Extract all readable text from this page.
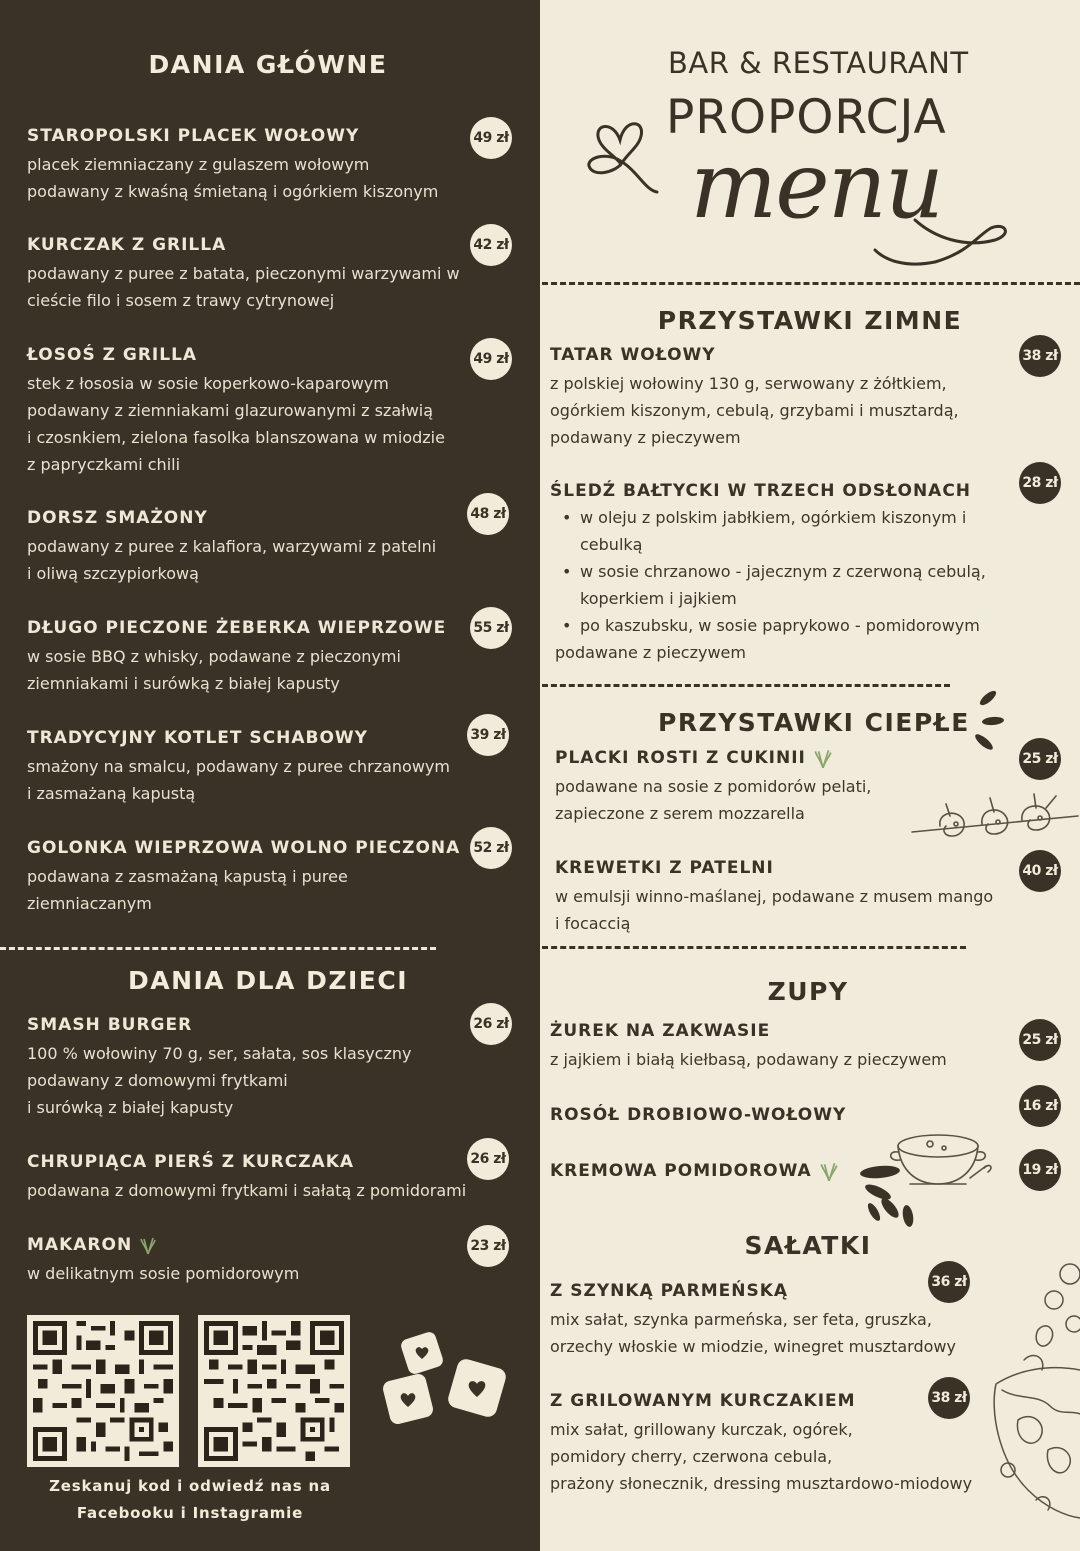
DANIA GŁÓWNE
STAROPOLSKI PLACEK WOŁOWY
placek ziemniaczany z gulaszem wołowym
podawany z kwaśną śmietaną i ogórkiem kiszonym
49 zł
KURCZAK Z GRILLA
podawany z puree z batata, pieczonymi warzywami w
cieście filo i sosem z trawy cytrynowej
42 zł
ŁOSOŚ Z GRILLA
stek z łososia w sosie koperkowo-kaparowym
podawany z ziemniakami glazurowanymi z szałwią
i czosnkiem, zielona fasolka blanszowana w miodzie
z papryczkami chili
49 zł
DORSZ SMAŻONY
podawany z puree z kalafiora, warzywami z patelni
i oliwą szczypiorkową
48 zł
DŁUGO PIECZONE ŻEBERKA WIEPRZOWE
w sosie BBQ z whisky, podawane z pieczonymi
ziemniakami i surówką z białej kapusty
55 zł
TRADYCYJNY KOTLET SCHABOWY
smażony na smalcu, podawany z puree chrzanowym
i zasmażaną kapustą
39 zł
GOLONKA WIEPRZOWA WOLNO PIECZONA
podawana z zasmażaną kapustą i puree
ziemniaczanym
52 zł
DANIA DLA DZIECI
SMASH BURGER
100 % wołowiny 70 g, ser, sałata, sos klasyczny
podawany z domowymi frytkami
i surówką z białej kapusty
26 zł
CHRUPIĄCA PIERŚ Z KURCZAKA
podawana z domowymi frytkami i sałatą z pomidorami
26 zł
MAKARON
w delikatnym sosie pomidorowym
23 zł
Zeskanuj kod i odwiedź nas na
Facebooku i Instagramie
BAR & RESTAURANT
PROPORCJA
menu
PRZYSTAWKI ZIMNE
TATAR WOŁOWY
z polskiej wołowiny 130 g, serwowany z żółtkiem,
ogórkiem kiszonym, cebulą, grzybami i musztardą,
podawany z pieczywem
38 zł
ŚLEDŹ BAŁTYCKI W TRZECH ODSŁONACH
• w oleju z polskim jabłkiem, ogórkiem kiszonym i
cebulką
• w sosie chrzanowo - jajecznym z czerwoną cebulą,
koperkiem i jajkiem
• po kaszubsku, w sosie paprykowo - pomidorowym
podawane z pieczywem
28 zł
PRZYSTAWKI CIEPŁE
PLACKI ROSTI Z CUKINII
podawane na sosie z pomidorów pelati,
zapieczone z serem mozzarella
25 zł
KREWETKI Z PATELNI
w emulsji winno-maślanej, podawane z musem mango
i focaccią
40 zł
ZUPY
ŻUREK NA ZAKWASIE
z jajkiem i białą kiełbasą, podawany z pieczywem
25 zł
ROSÓŁ DROBIOWO-WOŁOWY	16 zł
KREMOWA POMIDOROWA	19 zł
SAŁATKI
Z SZYNKĄ PARMEŃSKĄ
mix sałat, szynka parmeńska, ser feta, gruszka,
orzechy włoskie w miodzie, winegret musztardowy
36 zł
Z GRILOWANYM KURCZAKIEM
mix sałat, grillowany kurczak, ogórek,
pomidory cherry, czerwona cebula,
prażony słonecznik, dressing musztardowo-miodowy
38 zł
